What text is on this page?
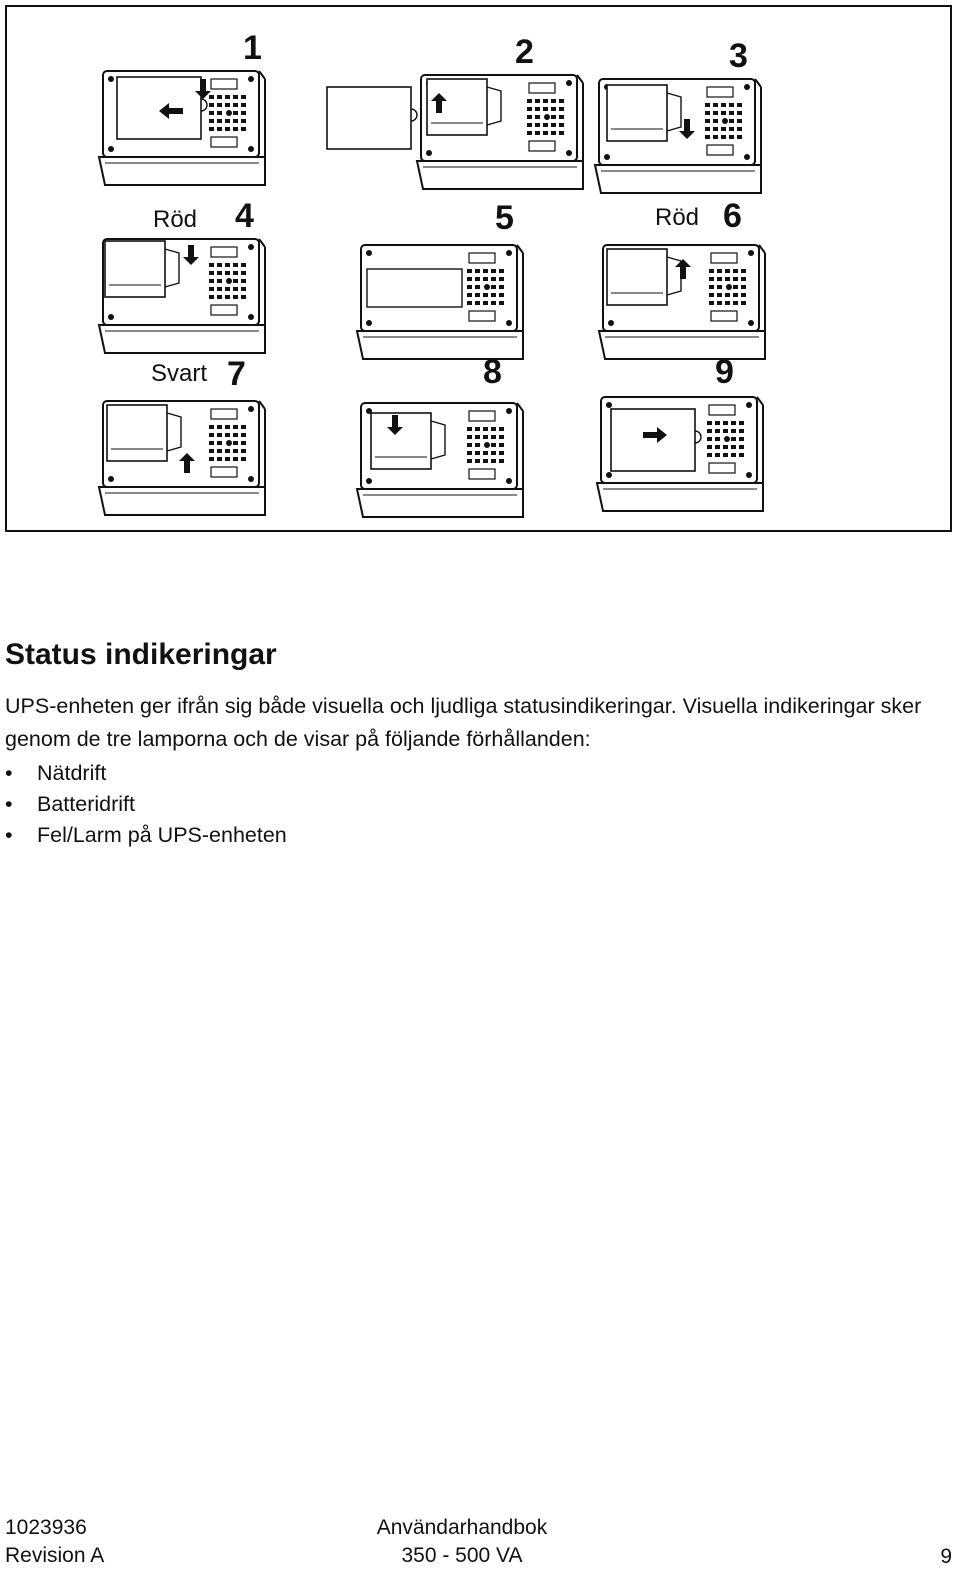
1	2	3
4	5	6
7	8	9
Röd	Röd
Svart
Status indikeringar

UPS-enheten ger ifrån sig både visuella och ljudliga statusindikeringar. Visuella indikeringar sker genom de tre lamporna och de visar på följande förhållanden:

• Nätdrift
• Batteridrift
• Fel/Larm på UPS-enheten
1023936
Revision A
Användarhandbok
350 - 500 VA	9
